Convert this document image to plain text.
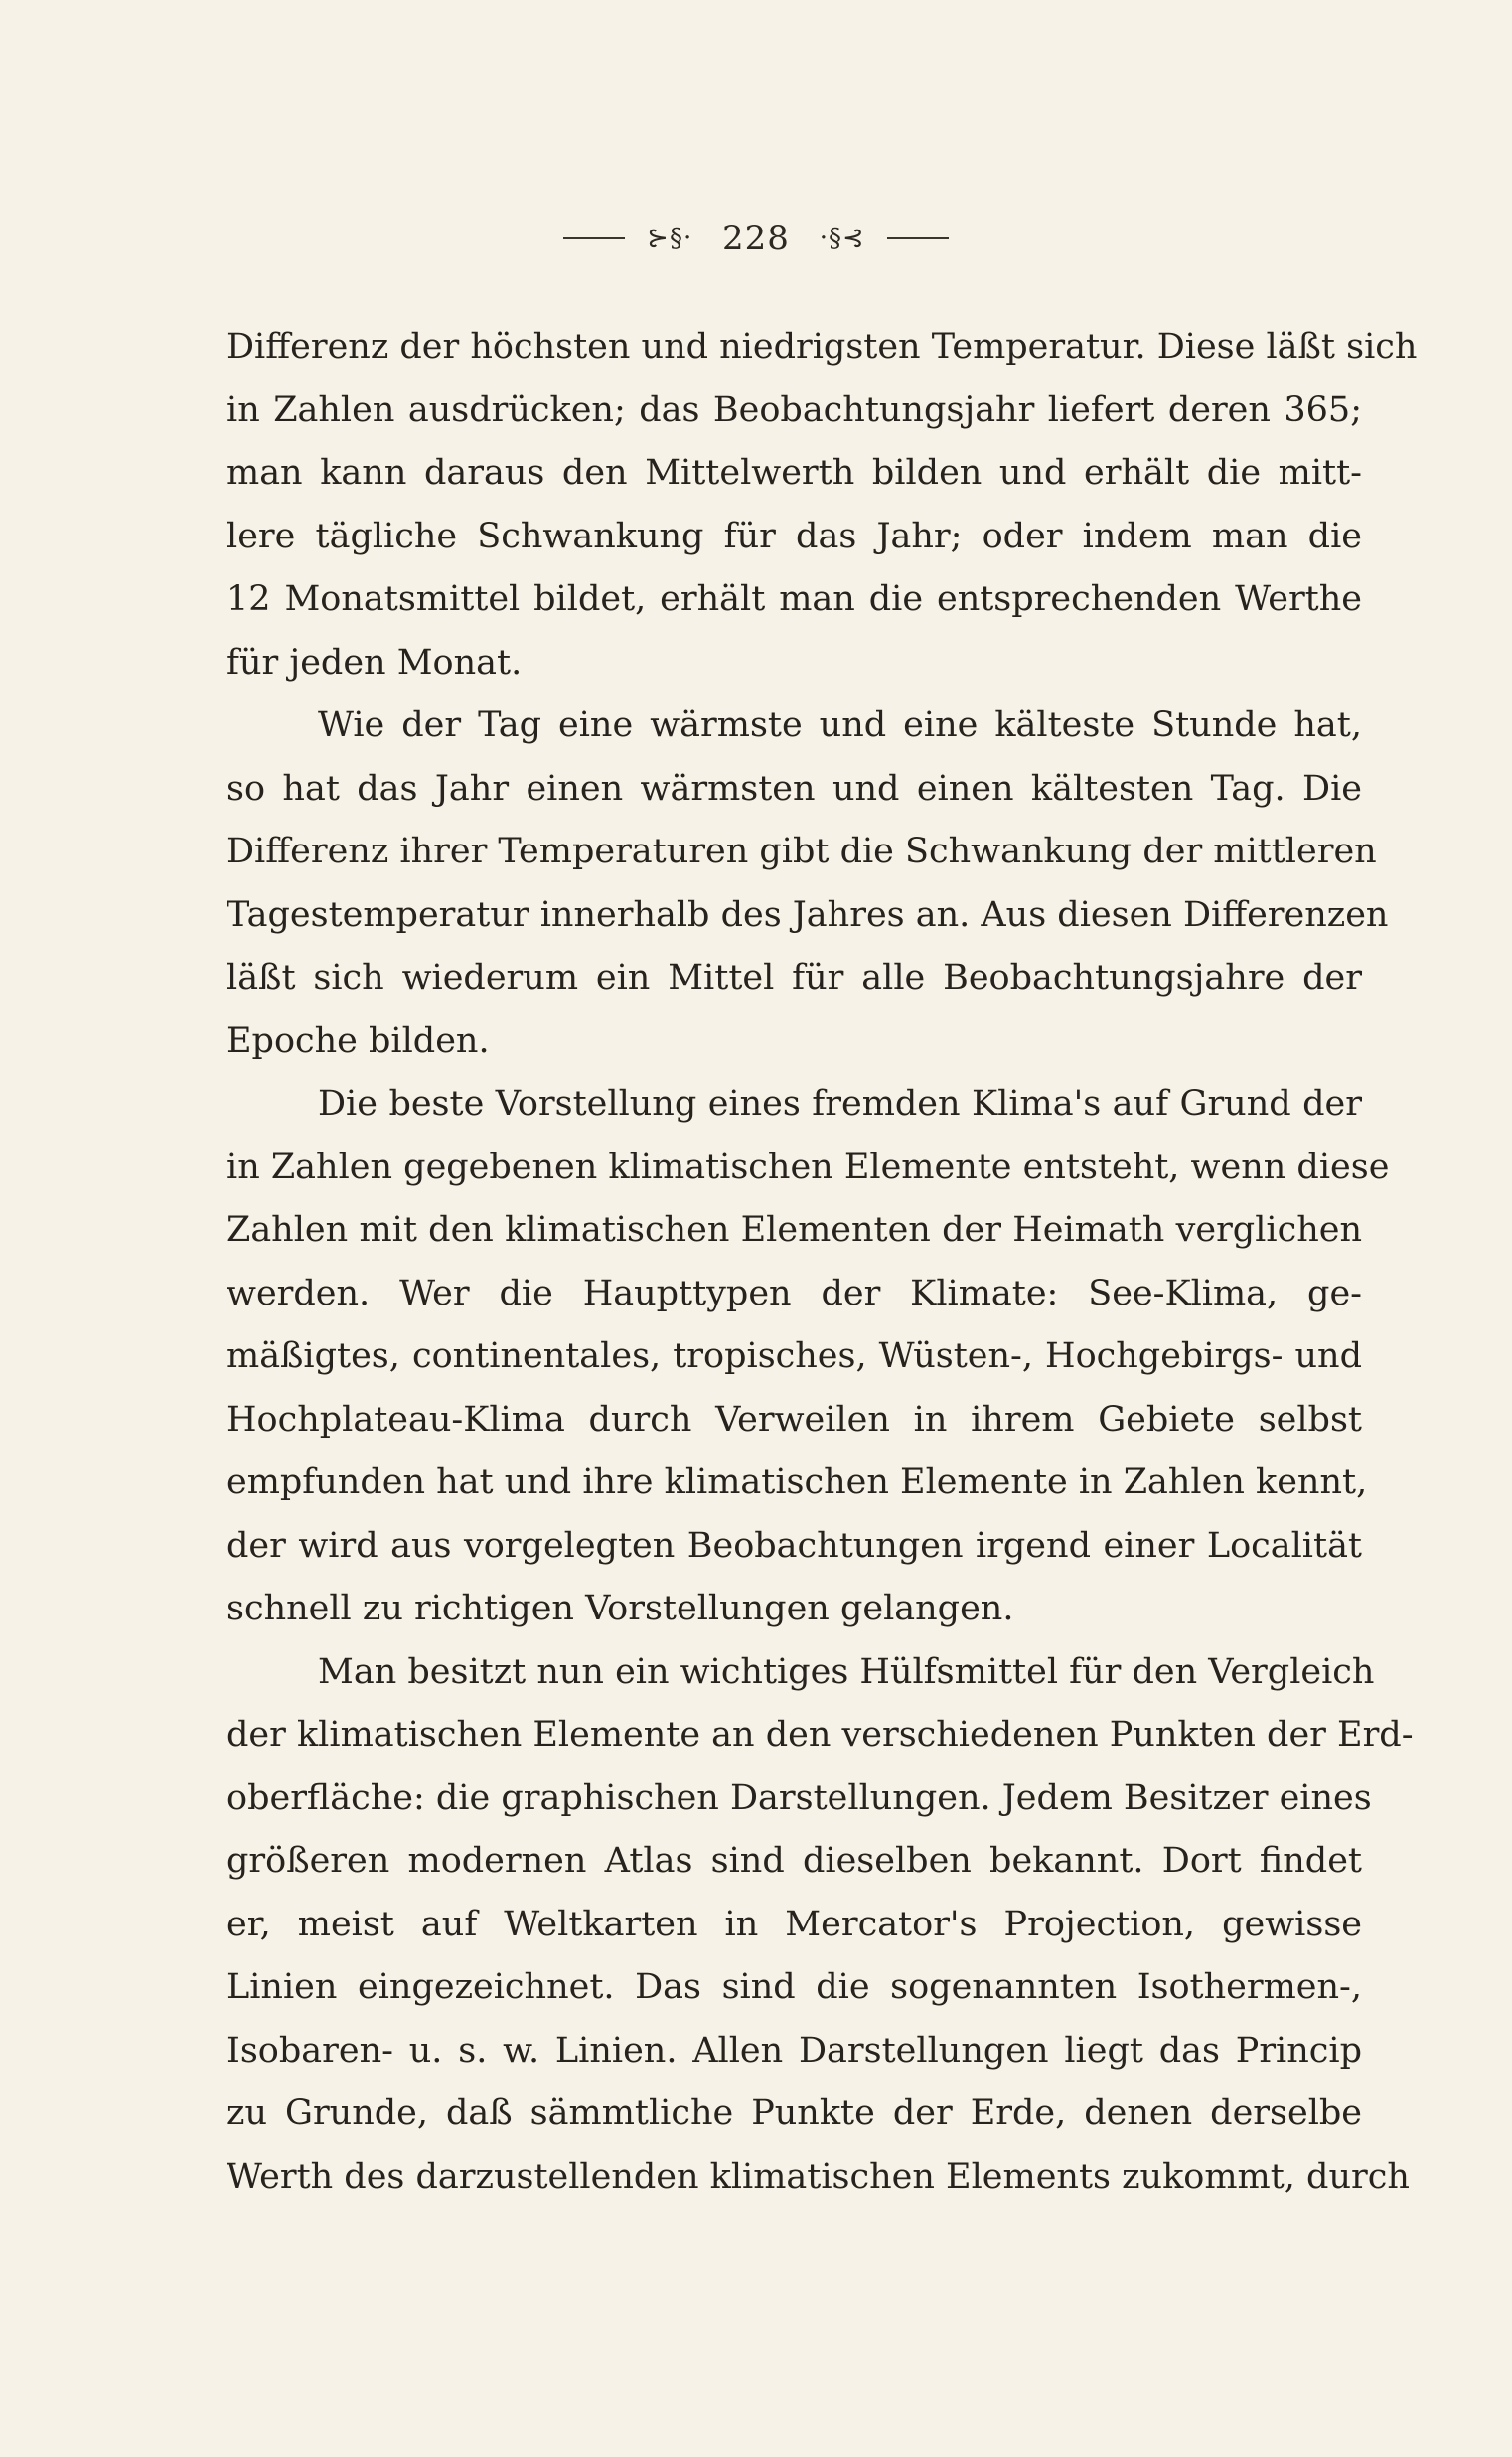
⊱§· 228 ·§⊰
Differenz der höchsten und niedrigsten Temperatur. Diese läßt sich
in Zahlen ausdrücken; das Beobachtungsjahr liefert deren 365;
man kann daraus den Mittelwerth bilden und erhält die mitt-
lere tägliche Schwankung für das Jahr; oder indem man die
12 Monatsmittel bildet, erhält man die entsprechenden Werthe
für jeden Monat.
Wie der Tag eine wärmste und eine kälteste Stunde hat,
so hat das Jahr einen wärmsten und einen kältesten Tag. Die
Differenz ihrer Temperaturen gibt die Schwankung der mittleren
Tagestemperatur innerhalb des Jahres an. Aus diesen Differenzen
läßt sich wiederum ein Mittel für alle Beobachtungsjahre der
Epoche bilden.
Die beste Vorstellung eines fremden Klima's auf Grund der
in Zahlen gegebenen klimatischen Elemente entsteht, wenn diese
Zahlen mit den klimatischen Elementen der Heimath verglichen
werden. Wer die Haupttypen der Klimate: See-Klima, ge-
mäßigtes, continentales, tropisches, Wüsten-, Hochgebirgs- und
Hochplateau-Klima durch Verweilen in ihrem Gebiete selbst
empfunden hat und ihre klimatischen Elemente in Zahlen kennt,
der wird aus vorgelegten Beobachtungen irgend einer Localität
schnell zu richtigen Vorstellungen gelangen.
Man besitzt nun ein wichtiges Hülfsmittel für den Vergleich
der klimatischen Elemente an den verschiedenen Punkten der Erd-
oberfläche: die graphischen Darstellungen. Jedem Besitzer eines
größeren modernen Atlas sind dieselben bekannt. Dort findet
er, meist auf Weltkarten in Mercator's Projection, gewisse
Linien eingezeichnet. Das sind die sogenannten Isothermen-,
Isobaren- u. s. w. Linien. Allen Darstellungen liegt das Princip
zu Grunde, daß sämmtliche Punkte der Erde, denen derselbe
Werth des darzustellenden klimatischen Elements zukommt, durch
